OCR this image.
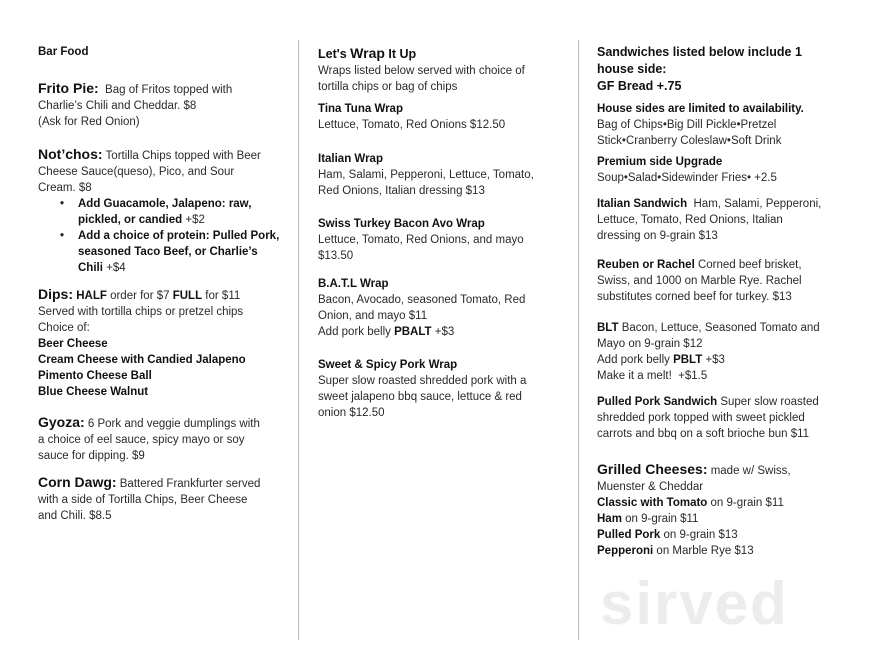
sirved
Bar Food
Frito Pie:  Bag of Fritos topped with
Charlie’s Chili and Cheddar. $8
(Ask for Red Onion)
Not’chos: Tortilla Chips topped with Beer
Cheese Sauce(queso), Pico, and Sour
Cream. $8
• Add Guacamole, Jalapeno: raw,
pickled, or candied +$2
• Add a choice of protein: Pulled Pork,
seasoned Taco Beef, or Charlie’s
Chili +$4
Dips: HALF order for $7 FULL for $11
Served with tortilla chips or pretzel chips
Choice of:
Beer Cheese
Cream Cheese with Candied Jalapeno
Pimento Cheese Ball
Blue Cheese Walnut
Gyoza: 6 Pork and veggie dumplings with
a choice of eel sauce, spicy mayo or soy
sauce for dipping. $9
Corn Dawg: Battered Frankfurter served
with a side of Tortilla Chips, Beer Cheese
and Chili. $8.5
Let's Wrap It Up
Wraps listed below served with choice of
tortilla chips or bag of chips
Tina Tuna Wrap
Lettuce, Tomato, Red Onions $12.50
Italian Wrap
Ham, Salami, Pepperoni, Lettuce, Tomato,
Red Onions, Italian dressing $13
Swiss Turkey Bacon Avo Wrap
Lettuce, Tomato, Red Onions, and mayo
$13.50
B.A.T.L Wrap
Bacon, Avocado, seasoned Tomato, Red
Onion, and mayo $11
Add pork belly PBALT +$3
Sweet & Spicy Pork Wrap
Super slow roasted shredded pork with a
sweet jalapeno bbq sauce, lettuce & red
onion $12.50
Sandwiches listed below include 1
house side:
GF Bread +.75
House sides are limited to availability.
Bag of Chips•Big Dill Pickle•Pretzel
Stick•Cranberry Coleslaw•Soft Drink
Premium side Upgrade
Soup•Salad•Sidewinder Fries• +2.5
Italian Sandwich  Ham, Salami, Pepperoni,
Lettuce, Tomato, Red Onions, Italian
dressing on 9-grain $13
Reuben or Rachel Corned beef brisket,
Swiss, and 1000 on Marble Rye. Rachel
substitutes corned beef for turkey. $13
BLT Bacon, Lettuce, Seasoned Tomato and
Mayo on 9-grain $12
Add pork belly PBLT +$3
Make it a melt!  +$1.5
Pulled Pork Sandwich Super slow roasted
shredded pork topped with sweet pickled
carrots and bbq on a soft brioche bun $11
Grilled Cheeses: made w/ Swiss,
Muenster & Cheddar
Classic with Tomato on 9-grain $11
Ham on 9-grain $11
Pulled Pork on 9-grain $13
Pepperoni on Marble Rye $13
